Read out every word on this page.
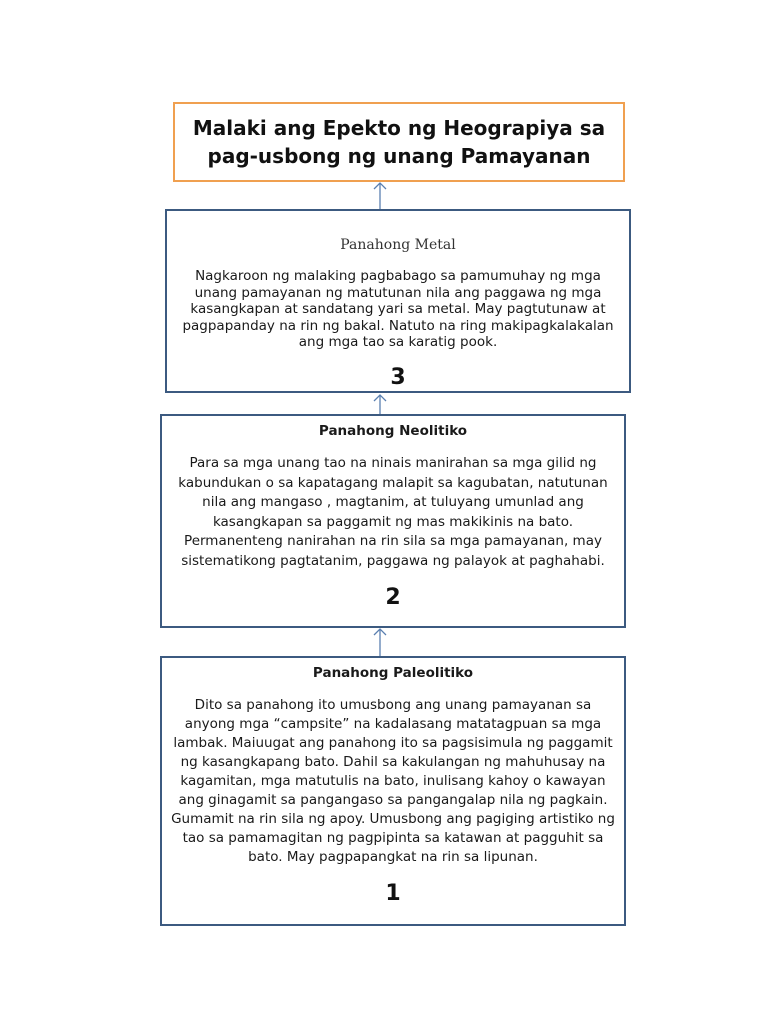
Malaki ang Epekto ng Heograpiya sa pag-usbong ng unang Pamayanan

Panahong Metal

Nagkaroon ng malaking pagbabago sa pamumuhay ng mga unang pamayanan ng matutunan nila ang paggawa ng mga kasangkapan at sandatang yari sa metal. May pagtutunaw at pagpapanday na rin ng bakal. Natuto na ring makipagkalakalan ang mga tao sa karatig pook.

3

Panahong Neolitiko

Para sa mga unang tao na ninais manirahan sa mga gilid ng kabundukan o sa kapatagang malapit sa kagubatan, natutunan nila ang mangaso , magtanim, at tuluyang umunlad ang kasangkapan sa paggamit ng mas makikinis na bato. Permanenteng nanirahan na rin sila sa mga pamayanan, may sistematikong pagtatanim, paggawa ng palayok at paghahabi.

2

Panahong Paleolitiko

Dito sa panahong ito umusbong ang unang pamayanan sa anyong mga “campsite” na kadalasang matatagpuan sa mga lambak. Maiuugat ang panahong ito sa pagsisimula ng paggamit ng kasangkapang bato. Dahil sa kakulangan ng mahuhusay na kagamitan, mga matutulis na bato, inulisang kahoy o kawayan ang ginagamit sa pangangaso sa pangangalap nila ng pagkain. Gumamit na rin sila ng apoy. Umusbong ang pagiging artistiko ng tao sa pamamagitan ng pagpipinta sa katawan at pagguhit sa bato. May pagpapangkat na rin sa lipunan.

1
